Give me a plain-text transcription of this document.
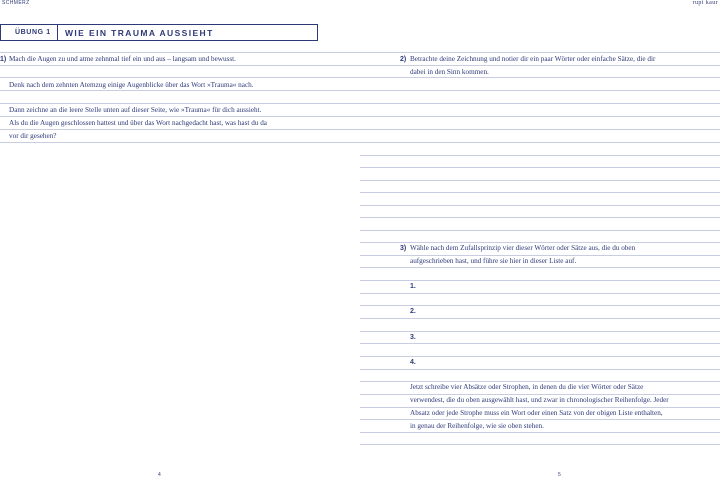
SCHMERZ	rupi kaur
ÜBUNG 1	WIE EIN TRAUMA AUSSIEHT
1) Mach die Augen zu und atme zehnmal tief ein und aus – langsam und bewusst.
Denk nach dem zehnten Atemzug einige Augenblicke über das Wort »Trauma« nach.
Dann zeichne an die leere Stelle unten auf dieser Seite, wie »Trauma« für dich aussieht.
Als du die Augen geschlossen hattest und über das Wort nachgedacht hast, was hast du da
vor dir gesehen?
2) Betrachte deine Zeichnung und notier dir ein paar Wörter oder einfache Sätze, die dir
dabei in den Sinn kommen.
3) Wähle nach dem Zufallsprinzip vier dieser Wörter oder Sätze aus, die du oben
aufgeschrieben hast, und führe sie hier in dieser Liste auf.
1.
2.
3.
4.
Jetzt schreibe vier Absätze oder Strophen, in denen du die vier Wörter oder Sätze
verwendest, die du oben ausgewählt hast, und zwar in chronologischer Reihenfolge. Jeder
Absatz oder jede Strophe muss ein Wort oder einen Satz von der obigen Liste enthalten,
in genau der Reihenfolge, wie sie oben stehen.
4	5
